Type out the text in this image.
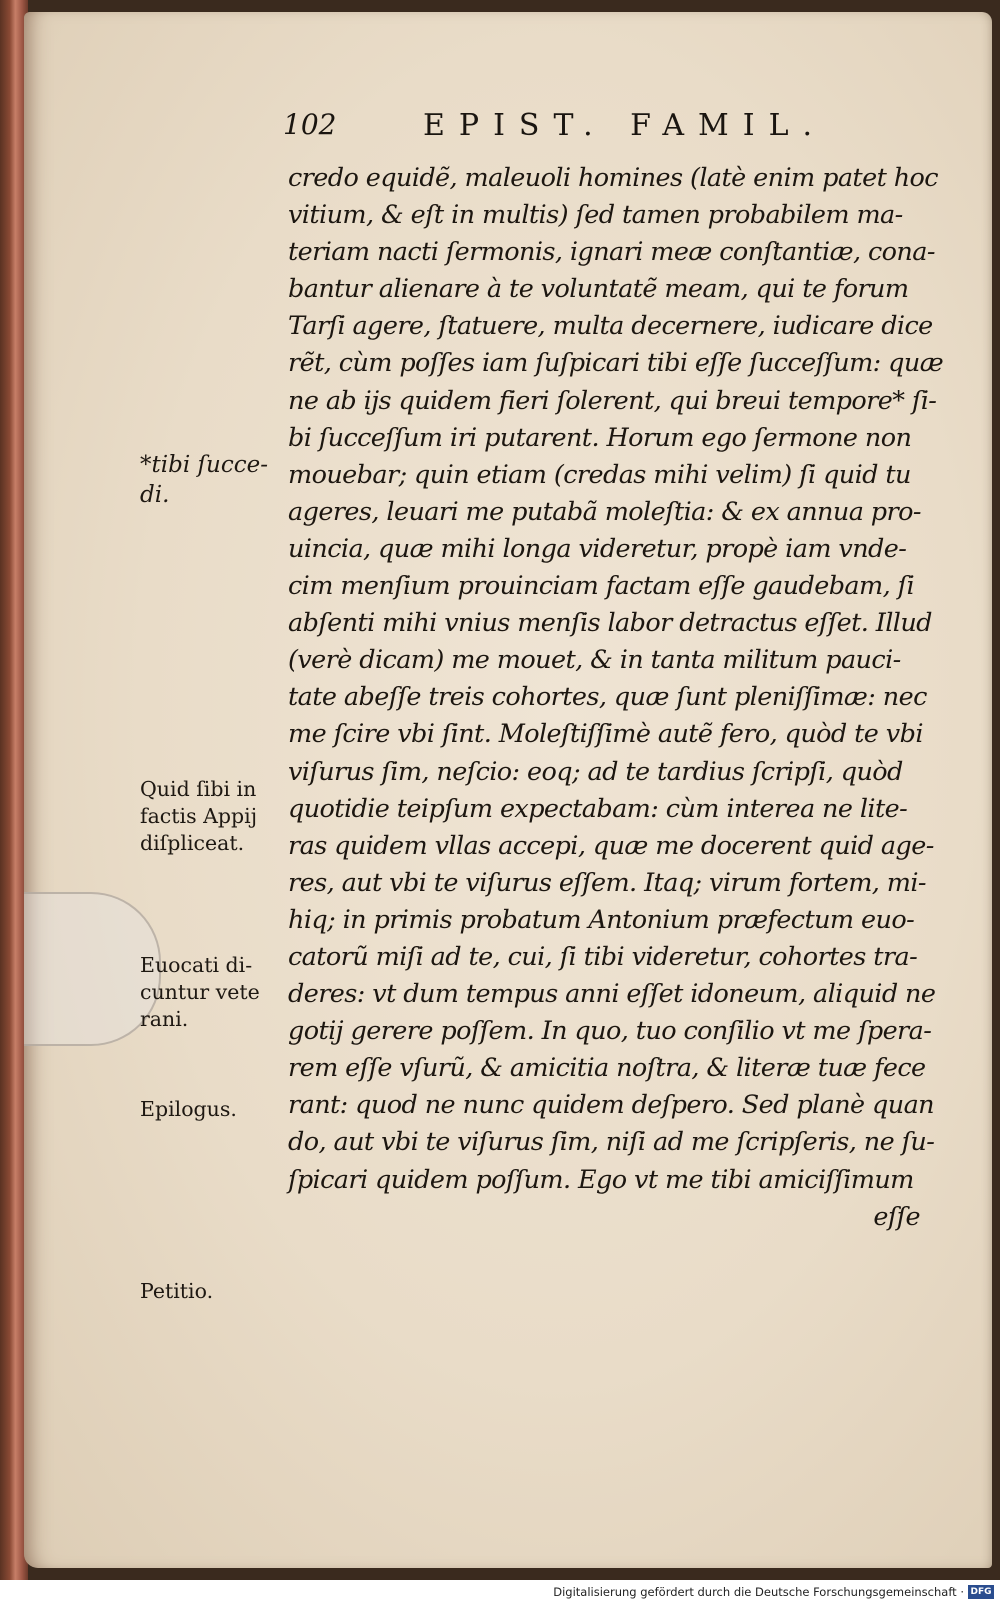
102	EPIST. FAMIL.
credo equidẽ, maleuoli homines (latè enim patet hoc
vitium, & eſt in multis) ſed tamen probabilem ma-
teriam nacti ſermonis, ignari meæ conſtantiæ, cona-
bantur alienare à te voluntatẽ meam, qui te forum
Tarſi agere, ſtatuere, multa decernere, iudicare dice
rẽt, cùm poſſes iam ſuſpicari tibi eſſe ſucceſſum: quæ
ne ab ijs quidem fieri ſolerent, qui breui tempore* ſi-
bi ſucceſſum iri putarent. Horum ego ſermone non
mouebar; quin etiam (credas mihi velim) ſi quid tu
ageres, leuari me putabã moleſtia: & ex annua pro-
uincia, quæ mihi longa videretur, propè iam vnde-
cim menſium prouinciam factam eſſe gaudebam, ſi
abſenti mihi vnius menſis labor detractus eſſet. Illud
(verè dicam) me mouet, & in tanta militum pauci-
tate abeſſe treis cohortes, quæ ſunt pleniſſimæ: nec
me ſcire vbi ſint. Moleſtiſſimè autẽ fero, quòd te vbi
viſurus ſim, neſcio: eoq; ad te tardius ſcripſi, quòd
quotidie teipſum expectabam: cùm interea ne lite-
ras quidem vllas accepi, quæ me docerent quid age-
res, aut vbi te viſurus eſſem. Itaq; virum fortem, mi-
hiq; in primis probatum Antonium præfectum euo-
catorũ miſi ad te, cui, ſi tibi videretur, cohortes tra-
deres: vt dum tempus anni eſſet idoneum, aliquid ne
gotij gerere poſſem. In quo, tuo conſilio vt me ſpera-
rem eſſe vſurũ, & amicitia noſtra, & literæ tuæ fece
rant: quod ne nunc quidem deſpero. Sed planè quan
do, aut vbi te viſurus ſim, niſi ad me ſcripſeris, ne ſu-
ſpicari quidem poſſum. Ego vt me tibi amiciſſimum
eſſe
*tibi ſucce-
di.
Quid ſibi in
factis Appij
diſpliceat.
Euocati di-
cuntur vete
rani.
Epilogus.
Petitio.
Digitalisierung gefördert durch die Deutsche Forschungsgemeinschaft · DFG
